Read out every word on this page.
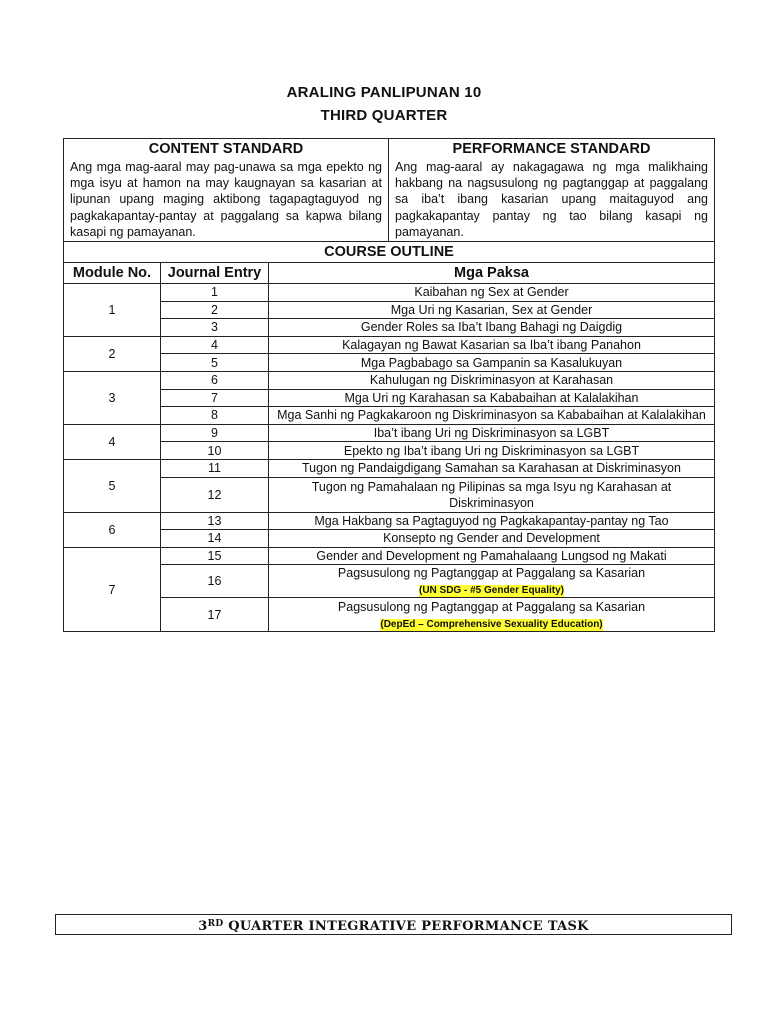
ARALING PANLIPUNAN 10
THIRD QUARTER
CONTENT STANDARD			PERFORMANCE STANDARD

Ang mga mag-aaral may pag-unawa sa mga epekto ng mga isyu at hamon na may kaugnayan sa kasarian at lipunan upang maging aktibong tagapagtaguyod ng pagkakapantay-pantay at paggalang sa kapwa bilang kasapi ng pamayanan.			Ang mag-aaral ay nakagagawa ng mga malikhaing hakbang na nagsusulong ng pagtanggap at paggalang sa iba’t ibang kasarian upang maitaguyod ang pagkakapantay pantay ng tao bilang kasapi ng pamayanan.

COURSE OUTLINE			
Module No.	Journal Entry	Mga Paksa	
1	1	Kaibahan ng Sex at Gender	
	2	Mga Uri ng Kasarian, Sex at Gender	
	3	Gender Roles sa Iba’t Ibang Bahagi ng Daigdig	
2	4	Kalagayan ng Bawat Kasarian sa Iba’t ibang Panahon	
	5	Mga Pagbabago sa Gampanin sa Kasalukuyan	
3	6	Kahulugan ng Diskriminasyon at Karahasan	
	7	Mga Uri ng Karahasan sa Kababaihan at Kalalakihan	
	8	Mga Sanhi ng Pagkakaroon ng Diskriminasyon sa Kababaihan at Kalalakihan	
4	9	Iba’t ibang Uri ng Diskriminasyon sa LGBT	
	10	Epekto ng Iba’t ibang Uri ng Diskriminasyon sa LGBT	
5	11	Tugon ng Pandaigdigang Samahan sa Karahasan at Diskriminasyon	
	12	Tugon ng Pamahalaan ng Pilipinas sa mga Isyu ng Karahasan at Diskriminasyon	

6	13	Mga Hakbang sa Pagtaguyod ng Pagkakapantay-pantay ng Tao	
	14	Konsepto ng Gender and Development	
7	15	Gender and Development ng Pamahalaang Lungsod ng Makati	
	16	Pagsusulong ng Pagtanggap at Paggalang sa Kasarian
(UN SDG - #5 Gender Equality)	
	17	Pagsusulong ng Pagtanggap at Paggalang sa Kasarian
(DepEd – Comprehensive Sexuality Education)	
3RD QUARTER INTEGRATIVE PERFORMANCE TASK
